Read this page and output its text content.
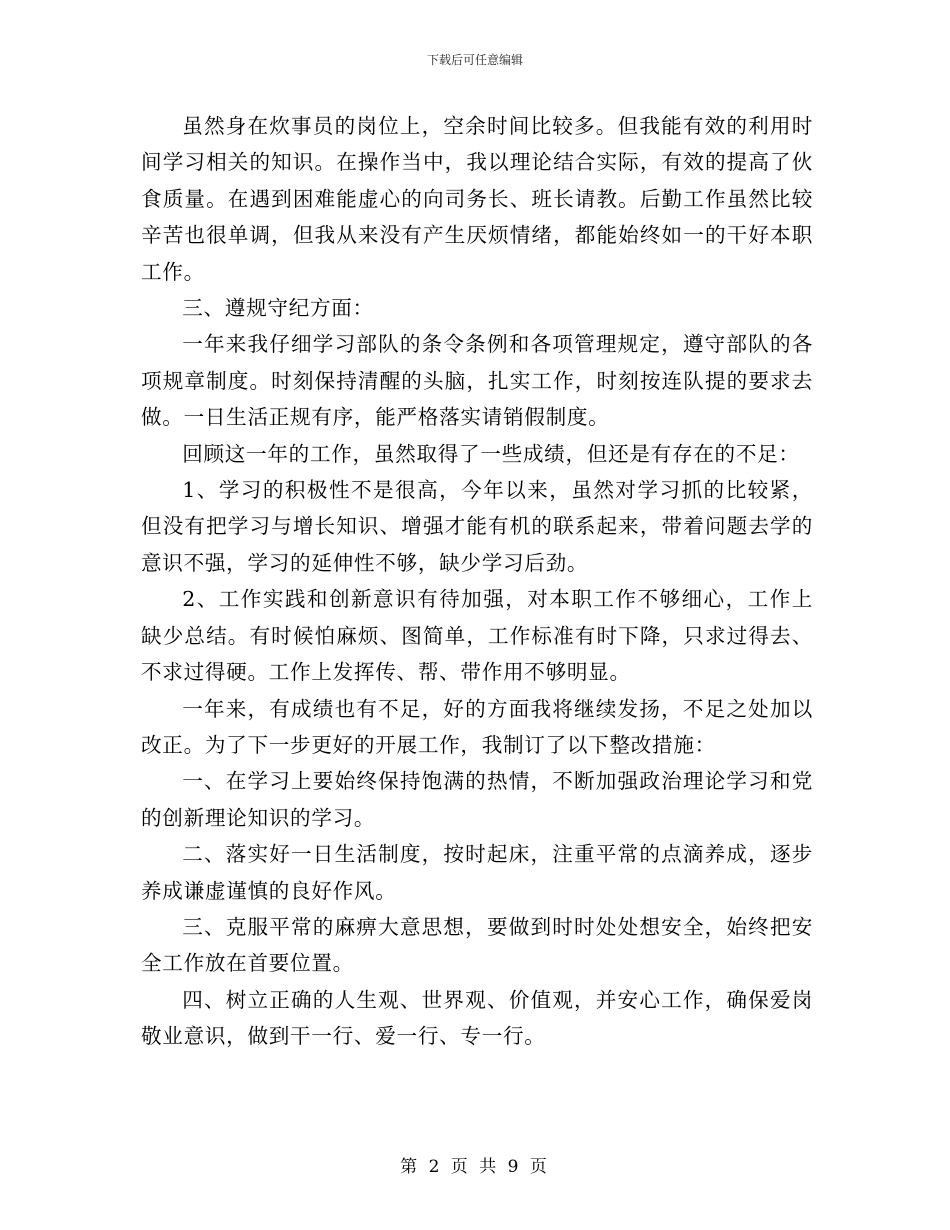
下载后可任意编辑

虽然身在炊事员的岗位上，空余时间比较多。但我能有效的利用时间学习相关的知识。在操作当中，我以理论结合实际，有效的提高了伙食质量。在遇到困难能虚心的向司务长、班长请教。后勤工作虽然比较辛苦也很单调，但我从来没有产生厌烦情绪，都能始终如一的干好本职工作。

三、遵规守纪方面：

一年来我仔细学习部队的条令条例和各项管理规定，遵守部队的各项规章制度。时刻保持清醒的头脑，扎实工作，时刻按连队提的要求去做。一日生活正规有序，能严格落实请销假制度。

回顾这一年的工作，虽然取得了一些成绩，但还是有存在的不足：

1、学习的积极性不是很高，今年以来，虽然对学习抓的比较紧，但没有把学习与增长知识、增强才能有机的联系起来，带着问题去学的意识不强，学习的延伸性不够，缺少学习后劲。

2、工作实践和创新意识有待加强，对本职工作不够细心，工作上缺少总结。有时候怕麻烦、图简单，工作标准有时下降，只求过得去、不求过得硬。工作上发挥传、帮、带作用不够明显。

一年来，有成绩也有不足，好的方面我将继续发扬，不足之处加以改正。为了下一步更好的开展工作，我制订了以下整改措施：

一、在学习上要始终保持饱满的热情，不断加强政治理论学习和党的创新理论知识的学习。

二、落实好一日生活制度，按时起床，注重平常的点滴养成，逐步养成谦虚谨慎的良好作风。

三、克服平常的麻痹大意思想，要做到时时处处想安全，始终把安全工作放在首要位置。

四、树立正确的人生观、世界观、价值观，并安心工作，确保爱岗敬业意识，做到干一行、爱一行、专一行。

第 2 页 共 9 页
